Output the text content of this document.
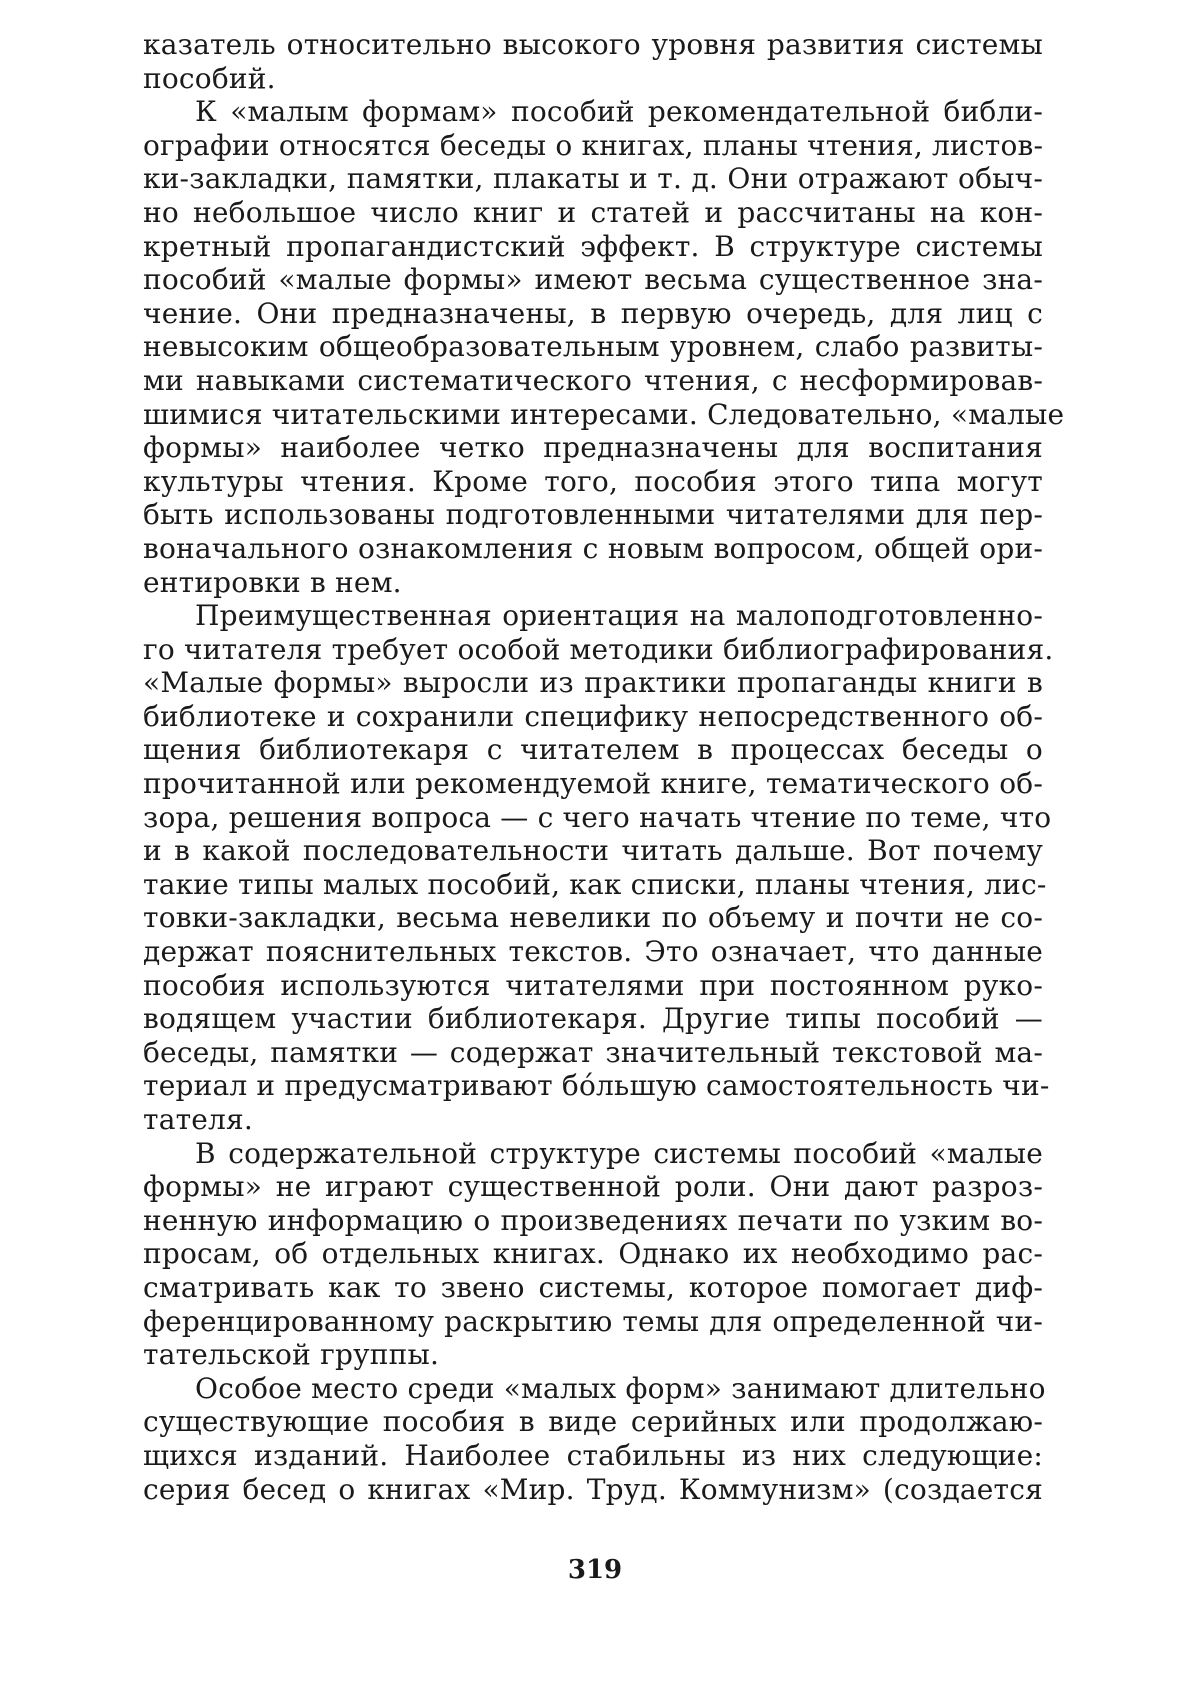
казатель относительно высокого уровня развития системы
пособий.
К «малым формам» пособий рекомендательной библи-
ографии относятся беседы о книгах, планы чтения, листов-
ки-закладки, памятки, плакаты и т. д. Они отражают обыч-
но небольшое число книг и статей и рассчитаны на кон-
кретный пропагандистский эффект. В структуре системы
пособий «малые формы» имеют весьма существенное зна-
чение. Они предназначены, в первую очередь, для лиц с
невысоким общеобразовательным уровнем, слабо развиты-
ми навыками систематического чтения, с несформировав-
шимися читательскими интересами. Следовательно, «малые
формы» наиболее четко предназначены для воспитания
культуры чтения. Кроме того, пособия этого типа могут
быть использованы подготовленными читателями для пер-
воначального ознакомления с новым вопросом, общей ори-
ентировки в нем.
Преимущественная ориентация на малоподготовленно-
го читателя требует особой методики библиографирования.
«Малые формы» выросли из практики пропаганды книги в
библиотеке и сохранили специфику непосредственного об-
щения библиотекаря с читателем в процессах беседы о
прочитанной или рекомендуемой книге, тематического об-
зора, решения вопроса — с чего начать чтение по теме, что
и в какой последовательности читать дальше. Вот почему
такие типы малых пособий, как списки, планы чтения, лис-
товки-закладки, весьма невелики по объему и почти не со-
держат пояснительных текстов. Это означает, что данные
пособия используются читателями при постоянном руко-
водящем участии библиотекаря. Другие типы пособий —
беседы, памятки — содержат значительный текстовой ма-
териал и предусматривают бóльшую самостоятельность чи-
тателя.
В содержательной структуре системы пособий «малые
формы» не играют существенной роли. Они дают разроз-
ненную информацию о произведениях печати по узким во-
просам, об отдельных книгах. Однако их необходимо рас-
сматривать как то звено системы, которое помогает диф-
ференцированному раскрытию темы для определенной чи-
тательской группы.
Особое место среди «малых форм» занимают длительно
существующие пособия в виде серийных или продолжаю-
щихся изданий. Наиболее стабильны из них следующие:
серия бесед о книгах «Мир. Труд. Коммунизм» (создается
319
